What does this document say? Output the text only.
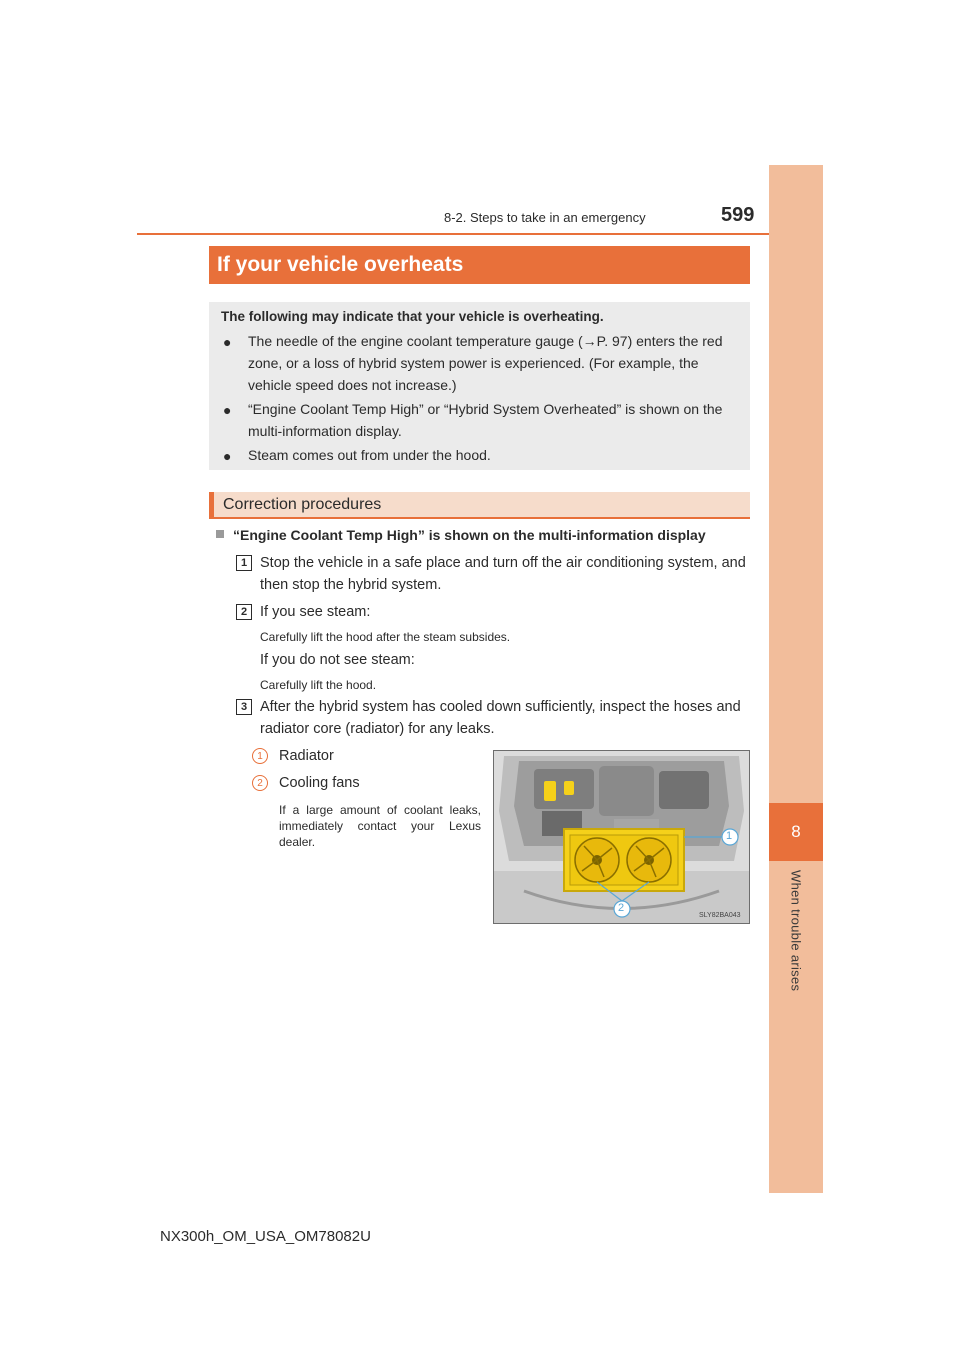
8-2. Steps to take in an emergency	599
8
When trouble arises
If your vehicle overheats
The following may indicate that your vehicle is overheating.
● The needle of the engine coolant temperature gauge (→P. 97) enters the red zone, or a loss of hybrid system power is experienced. (For example, the vehicle speed does not increase.)
● “Engine Coolant Temp High” or “Hybrid System Overheated” is shown on the multi-information display.
● Steam comes out from under the hood.
Correction procedures
“Engine Coolant Temp High” is shown on the multi-information display
1 Stop the vehicle in a safe place and turn off the air conditioning system, and then stop the hybrid system.
2 If you see steam:
Carefully lift the hood after the steam subsides.
If you do not see steam:
Carefully lift the hood.
3 After the hybrid system has cooled down sufficiently, inspect the hoses and radiator core (radiator) for any leaks.
1	Radiator
2	Cooling fans
If a large amount of coolant leaks, immediately contact your Lexus dealer.	1
2
SLY82BA043
NX300h_OM_USA_OM78082U
